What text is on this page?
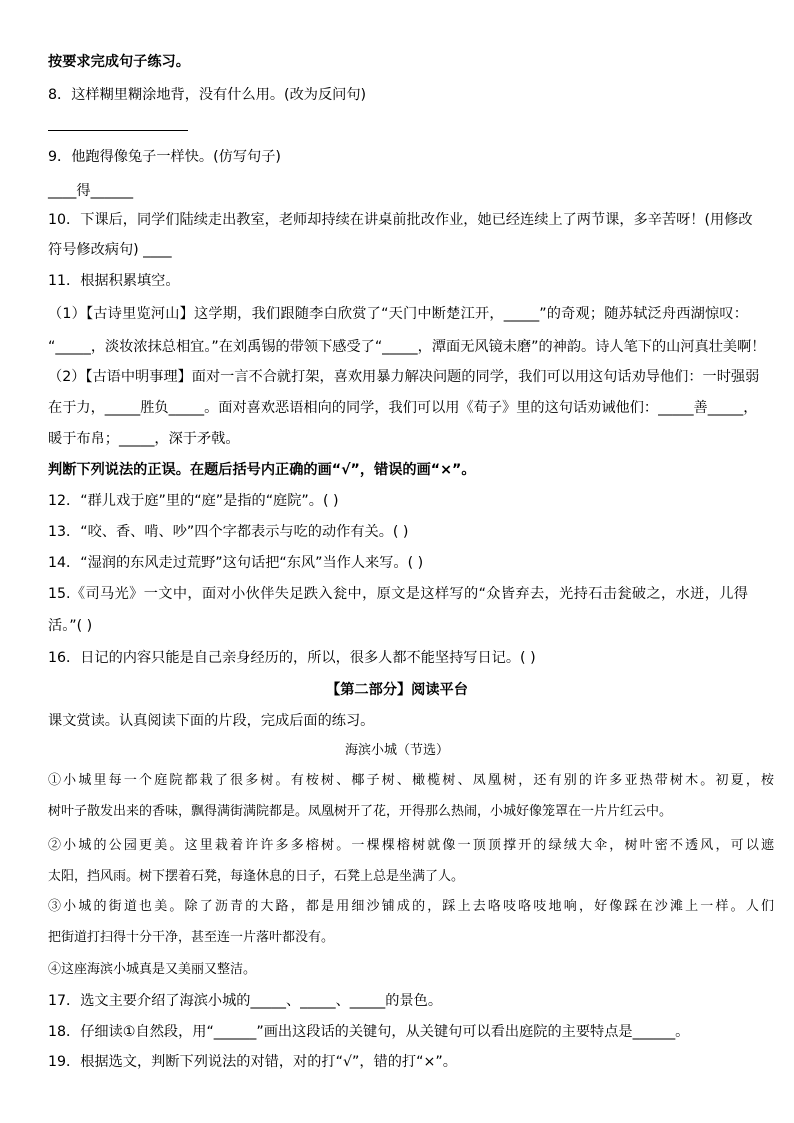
按要求完成句子练习。
8．这样糊里糊涂地背，没有什么用。(改为反问句)
9．他跑得像兔子一样快。(仿写句子)
____得______
10．下课后，同学们陆续走出教室，老师却持续在讲桌前批改作业，她已经连续上了两节课，多辛苦呀！(用修改
符号修改病句) ____
11．根据积累填空。
（1）【古诗里览河山】这学期，我们跟随李白欣赏了“天门中断楚江开，_____”的奇观；随苏轼泛舟西湖惊叹：
“_____，淡妆浓抹总相宜。”在刘禹锡的带领下感受了“_____，潭面无风镜未磨”的神韵。诗人笔下的山河真壮美啊！
（2）【古语中明事理】面对一言不合就打架，喜欢用暴力解决问题的同学，我们可以用这句话劝导他们：一时强弱
在于力，_____胜负_____。面对喜欢恶语相向的同学，我们可以用《荀子》里的这句话劝诫他们：_____善_____，
暖于布帛；_____，深于矛戟。
判断下列说法的正误。在题后括号内正确的画“√”，错误的画“×”。
12．“群儿戏于庭”里的“庭”是指的“庭院”。( )
13．“咬、香、啃、吵”四个字都表示与吃的动作有关。( )
14．“湿润的东风走过荒野”这句话把“东风”当作人来写。( )
15.《司马光》一文中，面对小伙伴失足跌入瓮中，原文是这样写的“众皆弃去，光持石击瓮破之，水迸，儿得
活。”( )
16．日记的内容只能是自己亲身经历的，所以，很多人都不能坚持写日记。( )
【第二部分】阅读平台
课文赏读。认真阅读下面的片段，完成后面的练习。
海滨小城（节选）
①小城里每一个庭院都栽了很多树。有桉树、椰子树、橄榄树、凤凰树，还有别的许多亚热带树木。初夏，桉
树叶子散发出来的香味，飘得满街满院都是。凤凰树开了花，开得那么热闹，小城好像笼罩在一片片红云中。
②小城的公园更美。这里栽着许许多多榕树。一棵棵榕树就像一顶顶撑开的绿绒大伞，树叶密不透风，可以遮
太阳，挡风雨。树下摆着石凳，每逢休息的日子，石凳上总是坐满了人。
③小城的街道也美。除了沥青的大路，都是用细沙铺成的，踩上去咯吱咯吱地响，好像踩在沙滩上一样。人们
把街道打扫得十分干净，甚至连一片落叶都没有。
④这座海滨小城真是又美丽又整洁。
17．选文主要介绍了海滨小城的_____、_____、_____的景色。
18．仔细读①自然段，用“______”画出这段话的关键句，从关键句可以看出庭院的主要特点是______。
19．根据选文，判断下列说法的对错，对的打“√”，错的打“×”。
